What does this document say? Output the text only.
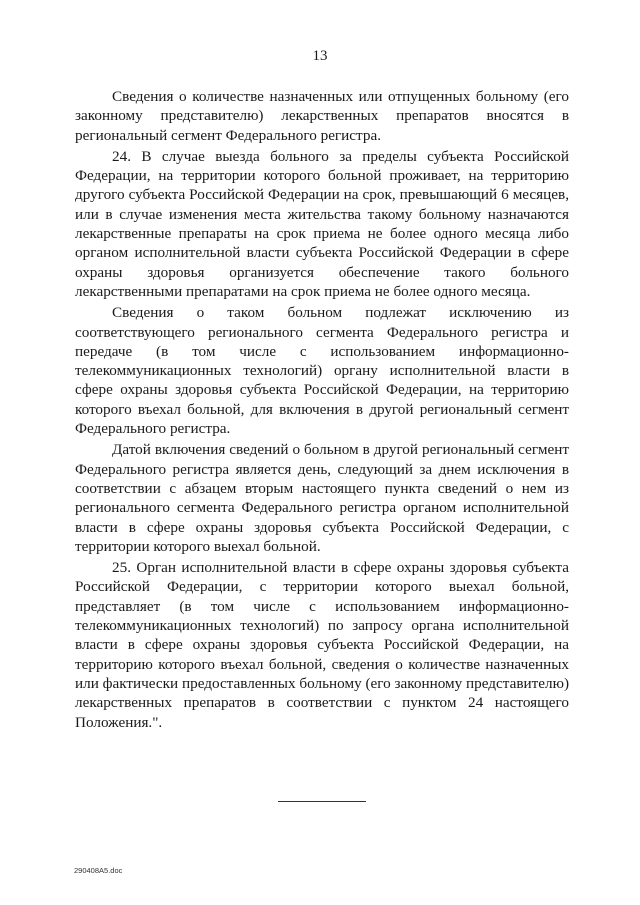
13

Сведения о количестве назначенных или отпущенных больному (его законному представителю) лекарственных препаратов вносятся в региональный сегмент Федерального регистра.

24. В случае выезда больного за пределы субъекта Российской Федерации, на территории которого больной проживает, на территорию другого субъекта Российской Федерации на срок, превышающий 6 месяцев, или в случае изменения места жительства такому больному назначаются лекарственные препараты на срок приема не более одного месяца либо органом исполнительной власти субъекта Российской Федерации в сфере охраны здоровья организуется обеспечение такого больного лекарственными препаратами на срок приема не более одного месяца.

Сведения о таком больном подлежат исключению из соответствующего регионального сегмента Федерального регистра и передаче (в том числе с использованием информационно-телекоммуникационных технологий) органу исполнительной власти в сфере охраны здоровья субъекта Российской Федерации, на территорию которого въехал больной, для включения в другой региональный сегмент Федерального регистра.

Датой включения сведений о больном в другой региональный сегмент Федерального регистра является день, следующий за днем исключения в соответствии с абзацем вторым настоящего пункта сведений о нем из регионального сегмента Федерального регистра органом исполнительной власти в сфере охраны здоровья субъекта Российской Федерации, с территории которого выехал больной.

25. Орган исполнительной власти в сфере охраны здоровья субъекта Российской Федерации, с территории которого выехал больной, представляет (в том числе с использованием информационно-телекоммуникационных технологий) по запросу органа исполнительной власти в сфере охраны здоровья субъекта Российской Федерации, на территорию которого въехал больной, сведения о количестве назначенных или фактически предоставленных больному (его законному представителю) лекарственных препаратов в соответствии с пунктом 24 настоящего Положения.".

290408А5.doc
